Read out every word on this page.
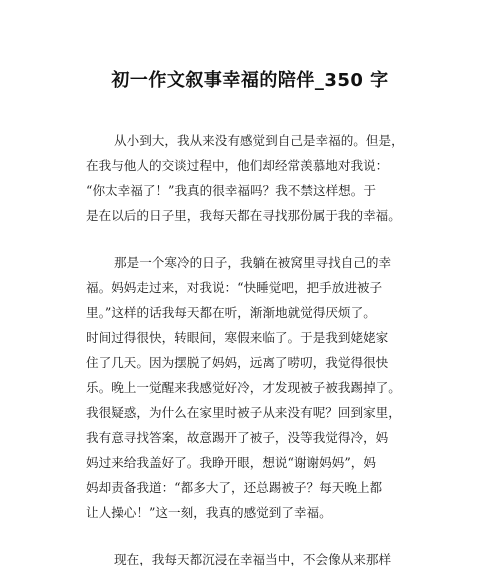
初一作文叙事幸福的陪伴_350 字
从小到大，我从来没有感觉到自己是幸福的。但是，
在我与他人的交谈过程中，他们却经常羡慕地对我说：
“你太幸福了！”我真的很幸福吗？我不禁这样想。于
是在以后的日子里，我每天都在寻找那份属于我的幸福。
那是一个寒冷的日子，我躺在被窝里寻找自己的幸
福。妈妈走过来，对我说：“快睡觉吧，把手放进被子
里。”这样的话我每天都在听，渐渐地就觉得厌烦了。
时间过得很快，转眼间，寒假来临了。于是我到姥姥家
住了几天。因为摆脱了妈妈，远离了唠叨，我觉得很快
乐。晚上一觉醒来我感觉好冷，才发现被子被我踢掉了。
我很疑惑，为什么在家里时被子从来没有呢？回到家里，
我有意寻找答案，故意踢开了被子，没等我觉得冷，妈
妈过来给我盖好了。我睁开眼，想说“谢谢妈妈”，妈
妈却责备我道：“都多大了，还总踢被子？每天晚上都
让人操心！”这一刻，我真的感觉到了幸福。
现在，我每天都沉浸在幸福当中，不会像从来那样
